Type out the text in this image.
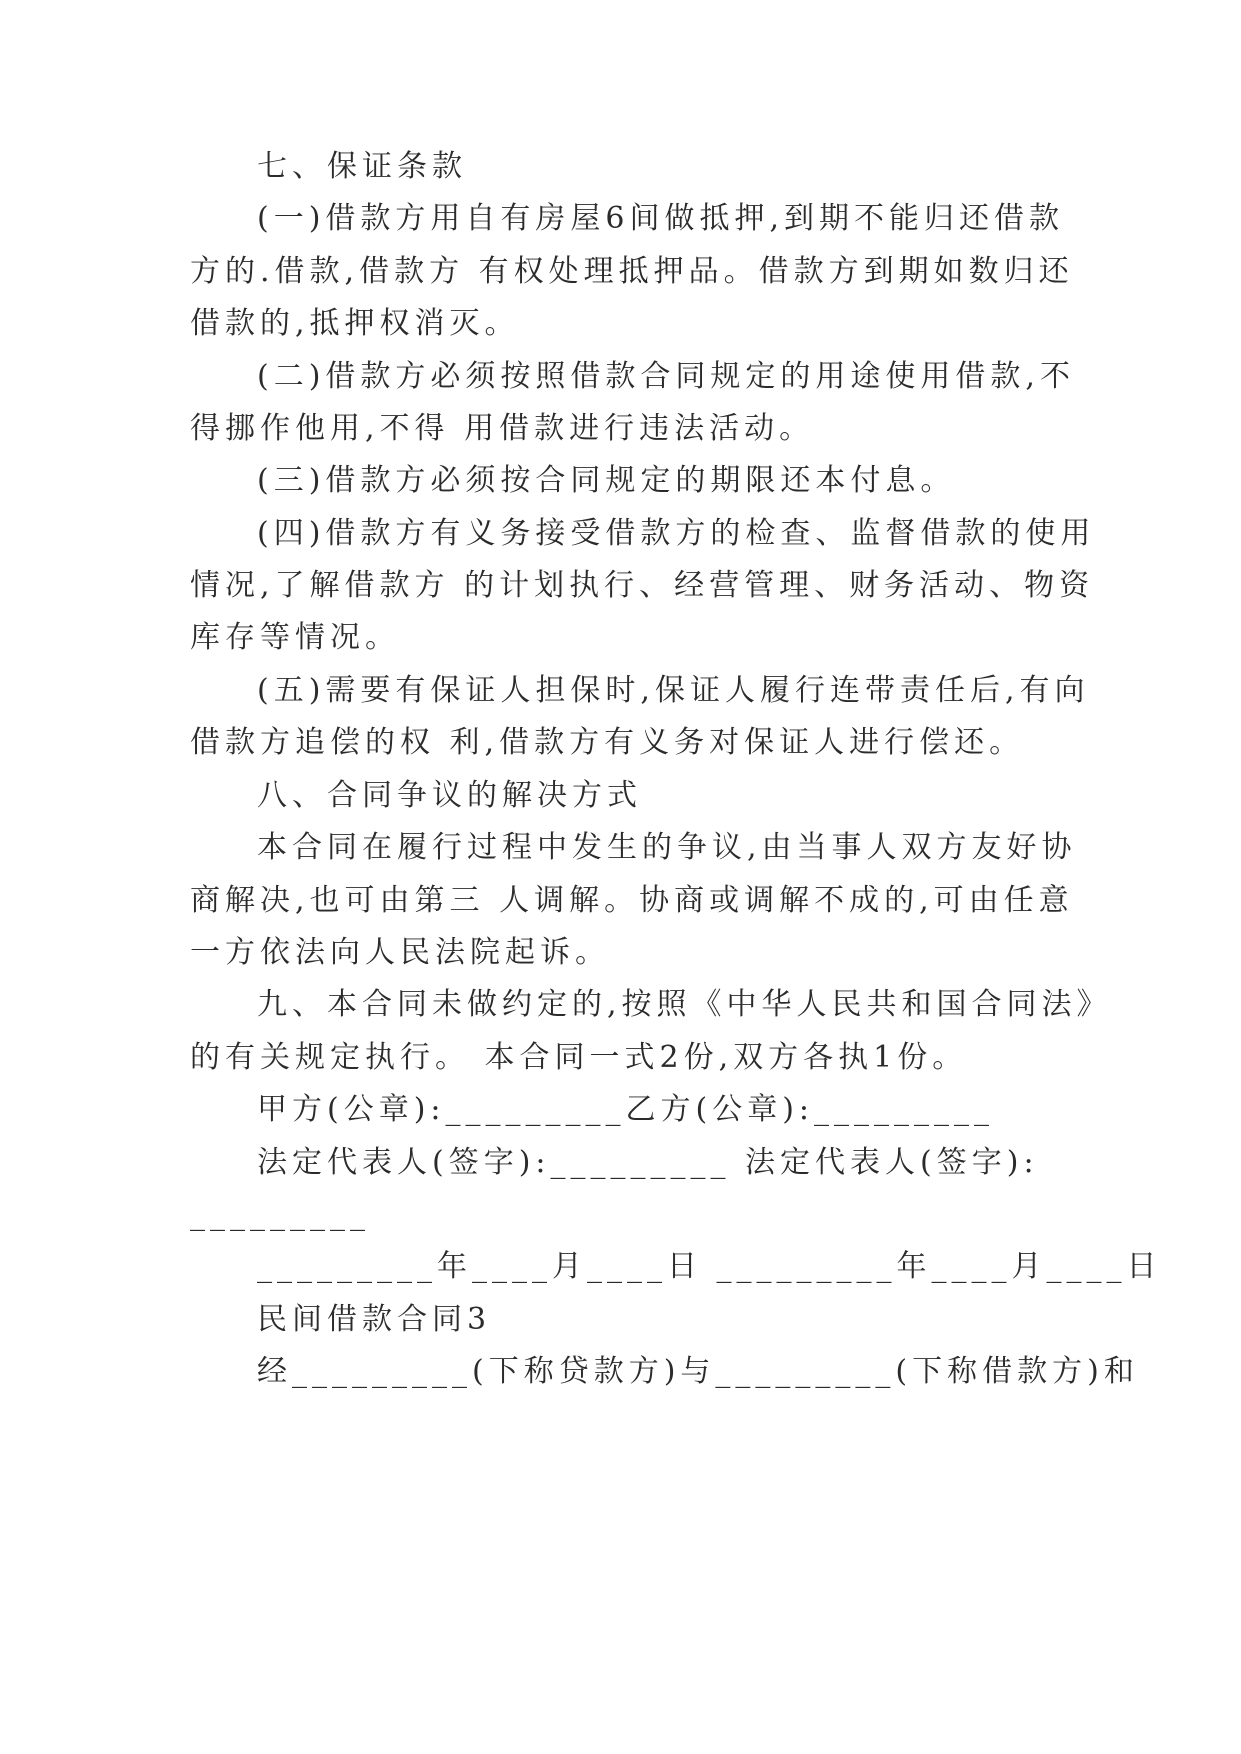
七、保证条款
(一)借款方用自有房屋6间做抵押,到期不能归还借款
方的.借款,借款方 有权处理抵押品。借款方到期如数归还
借款的,抵押权消灭。
(二)借款方必须按照借款合同规定的用途使用借款,不
得挪作他用,不得 用借款进行违法活动。
(三)借款方必须按合同规定的期限还本付息。
(四)借款方有义务接受借款方的检查、监督借款的使用
情况,了解借款方 的计划执行、经营管理、财务活动、物资
库存等情况。
(五)需要有保证人担保时,保证人履行连带责任后,有向
借款方追偿的权 利,借款方有义务对保证人进行偿还。
八、合同争议的解决方式
本合同在履行过程中发生的争议,由当事人双方友好协
商解决,也可由第三 人调解。协商或调解不成的,可由任意
一方依法向人民法院起诉。
九、本合同未做约定的,按照《中华人民共和国合同法》
的有关规定执行。 本合同一式2份,双方各执1份。
甲方(公章):_________乙方(公章):_________
法定代表人(签字):_________ 法定代表人(签字):
_________
_________年____月____日 _________年____月____日
民间借款合同3
经_________(下称贷款方)与_________(下称借款方)和
